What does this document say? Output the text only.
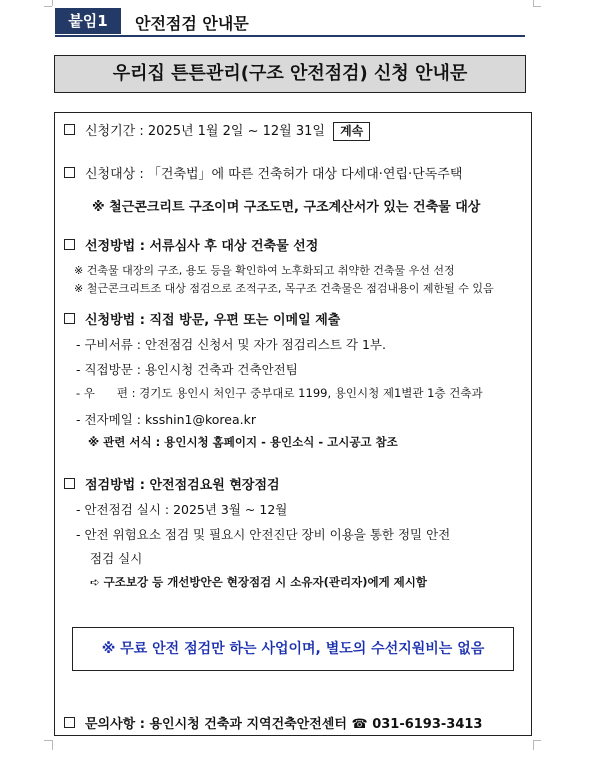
붙임1	안전점검 안내문
우리집 튼튼관리(구조 안전점검) 신청 안내문
신청기간 : 2025년 1월 2일 ~ 12월 31일 계속
신청대상 : 「건축법」에 따른 건축허가 대상 다세대·연립·단독주택
※ 철근콘크리트 구조이며 구조도면, 구조계산서가 있는 건축물 대상
선정방법 : 서류심사 후 대상 건축물 선정
※ 건축물 대장의 구조, 용도 등을 확인하여 노후화되고 취약한 건축물 우선 선정
※ 철근콘크리트조 대상 점검으로 조적구조, 목구조 건축물은 점검내용이 제한될 수 있음
신청방법 : 직접 방문, 우편 또는 이메일 제출
- 구비서류 : 안전점검 신청서 및 자가 점검리스트 각 1부.
- 직접방문 : 용인시청 건축과 건축안전팀
- 우      편 : 경기도 용인시 처인구 중부대로 1199, 용인시청 제1별관 1층 건축과
- 전자메일 : ksshin1@korea.kr
※ 관련 서식 : 용인시청 홈페이지 - 용인소식 - 고시공고 참조
점검방법 : 안전점검요원 현장점검
- 안전점검 실시 : 2025년 3월 ~ 12월
- 안전 위험요소 점검 및 필요시 안전진단 장비 이용을 통한 정밀 안전
점검 실시
➪ 구조보강 등 개선방안은 현장점검 시 소유자(관리자)에게 제시함
※ 무료 안전 점검만 하는 사업이며, 별도의 수선지원비는 없음
문의사항 : 용인시청 건축과 지역건축안전센터 ☎ 031-6193-3413
